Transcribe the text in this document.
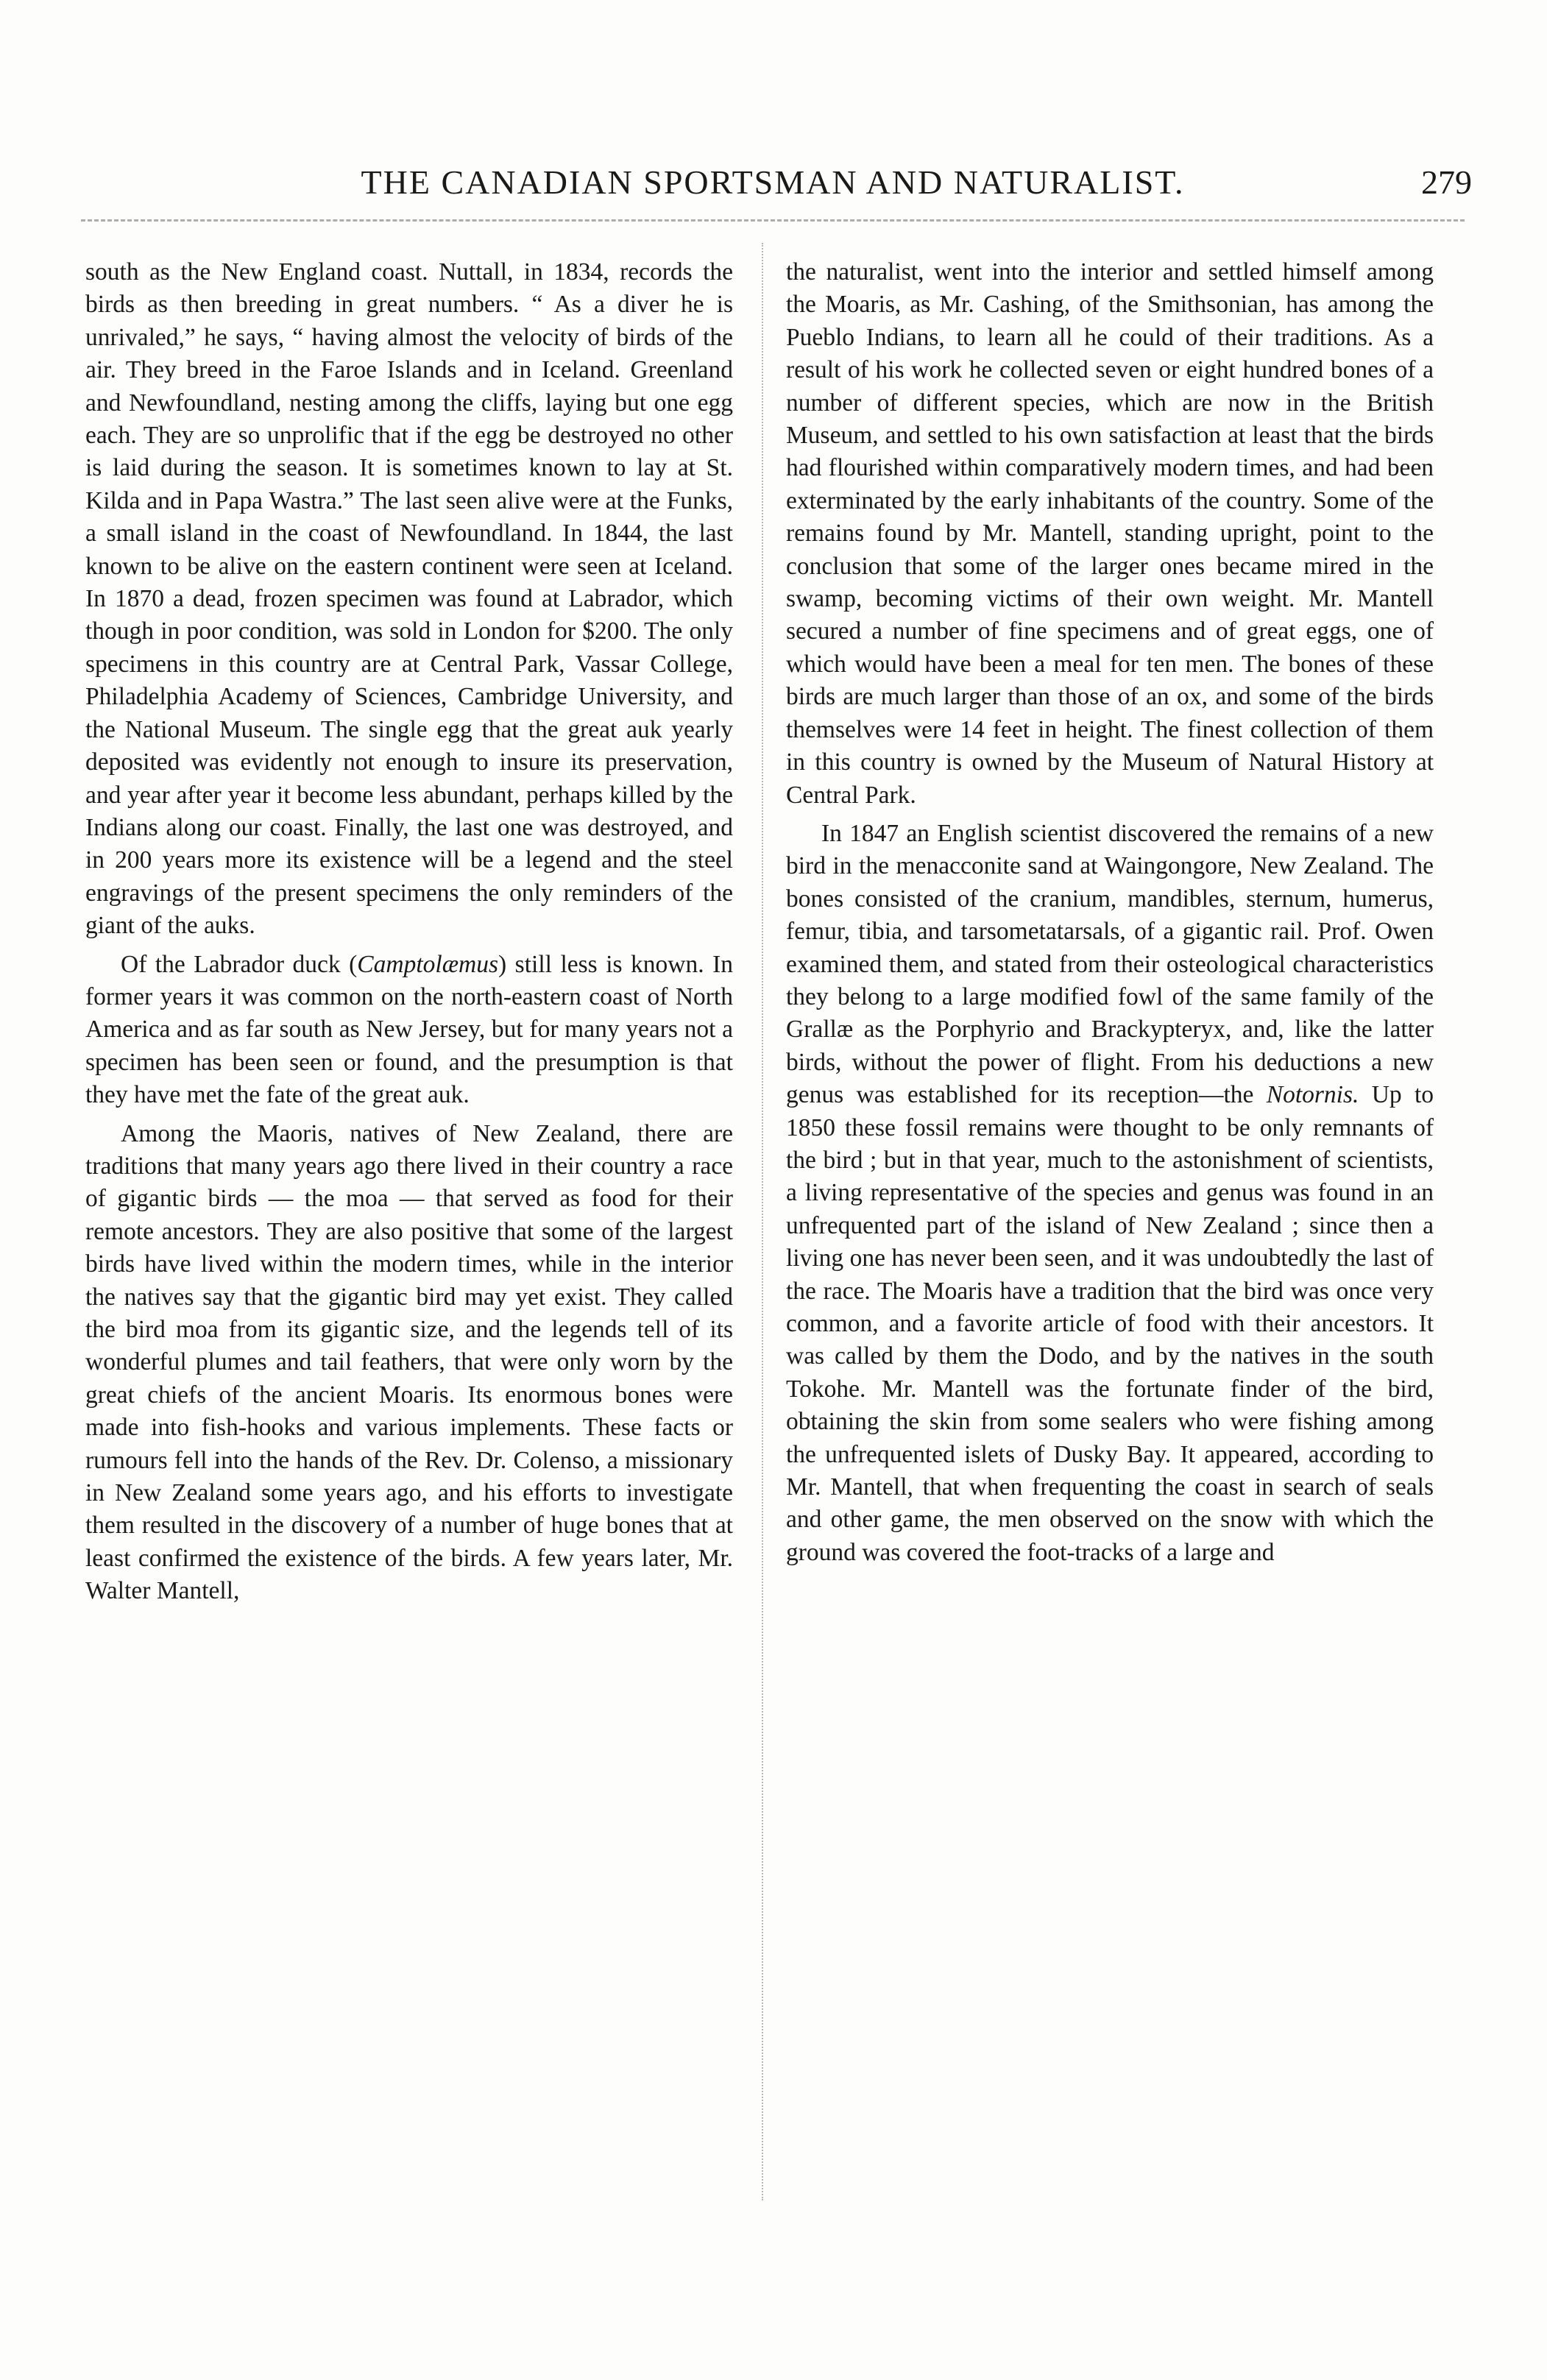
THE CANADIAN SPORTSMAN AND NATURALIST.	279

south as the New England coast. Nuttall, in 1834, records the birds as then breeding in great numbers. “ As a diver he is unrivaled,” he says, “ having almost the velocity of birds of the air. They breed in the Faroe Islands and in Iceland. Greenland and Newfoundland, nesting among the cliffs, laying but one egg each. They are so unprolific that if the egg be destroyed no other is laid during the season. It is sometimes known to lay at St. Kilda and in Papa Wastra.” The last seen alive were at the Funks, a small island in the coast of Newfoundland. In 1844, the last known to be alive on the eastern continent were seen at Iceland. In 1870 a dead, frozen specimen was found at Labrador, which though in poor condition, was sold in London for $200. The only specimens in this country are at Central Park, Vassar College, Philadelphia Academy of Sciences, Cambridge University, and the National Museum. The single egg that the great auk yearly deposited was evidently not enough to insure its preservation, and year after year it become less abundant, perhaps killed by the Indians along our coast. Finally, the last one was destroyed, and in 200 years more its existence will be a legend and the steel engravings of the present specimens the only reminders of the giant of the auks.

Of the Labrador duck (Camptolæmus) still less is known. In former years it was common on the north-eastern coast of North America and as far south as New Jersey, but for many years not a specimen has been seen or found, and the presumption is that they have met the fate of the great auk.

Among the Maoris, natives of New Zealand, there are traditions that many years ago there lived in their country a race of gigantic birds — the moa — that served as food for their remote ancestors. They are also positive that some of the largest birds have lived within the modern times, while in the interior the natives say that the gigantic bird may yet exist. They called the bird moa from its gigantic size, and the legends tell of its wonderful plumes and tail feathers, that were only worn by the great chiefs of the ancient Moaris. Its enormous bones were made into fish-hooks and various implements. These facts or rumours fell into the hands of the Rev. Dr. Colenso, a missionary in New Zealand some years ago, and his efforts to investigate them resulted in the discovery of a number of huge bones that at least confirmed the existence of the birds. A few years later, Mr. Walter Mantell,

the naturalist, went into the interior and settled himself among the Moaris, as Mr. Cashing, of the Smithsonian, has among the Pueblo Indians, to learn all he could of their traditions. As a result of his work he collected seven or eight hundred bones of a number of different species, which are now in the British Museum, and settled to his own satisfaction at least that the birds had flourished within comparatively modern times, and had been exterminated by the early inhabitants of the country. Some of the remains found by Mr. Mantell, standing upright, point to the conclusion that some of the larger ones became mired in the swamp, becoming victims of their own weight. Mr. Mantell secured a number of fine specimens and of great eggs, one of which would have been a meal for ten men. The bones of these birds are much larger than those of an ox, and some of the birds themselves were 14 feet in height. The finest collection of them in this country is owned by the Museum of Natural History at Central Park.

In 1847 an English scientist discovered the remains of a new bird in the menacconite sand at Waingongore, New Zealand. The bones consisted of the cranium, mandibles, sternum, humerus, femur, tibia, and tarsometatarsals, of a gigantic rail. Prof. Owen examined them, and stated from their osteological characteristics they belong to a large modified fowl of the same family of the Grallæ as the Porphyrio and Brackypteryx, and, like the latter birds, without the power of flight. From his deductions a new genus was established for its reception—the Notornis. Up to 1850 these fossil remains were thought to be only remnants of the bird ; but in that year, much to the astonishment of scientists, a living representative of the species and genus was found in an unfrequented part of the island of New Zealand ; since then a living one has never been seen, and it was undoubtedly the last of the race. The Moaris have a tradition that the bird was once very common, and a favorite article of food with their ancestors. It was called by them the Dodo, and by the natives in the south Tokohe. Mr. Mantell was the fortunate finder of the bird, obtaining the skin from some sealers who were fishing among the unfrequented islets of Dusky Bay. It appeared, according to Mr. Mantell, that when frequenting the coast in search of seals and other game, the men observed on the snow with which the ground was covered the foot-tracks of a large and
